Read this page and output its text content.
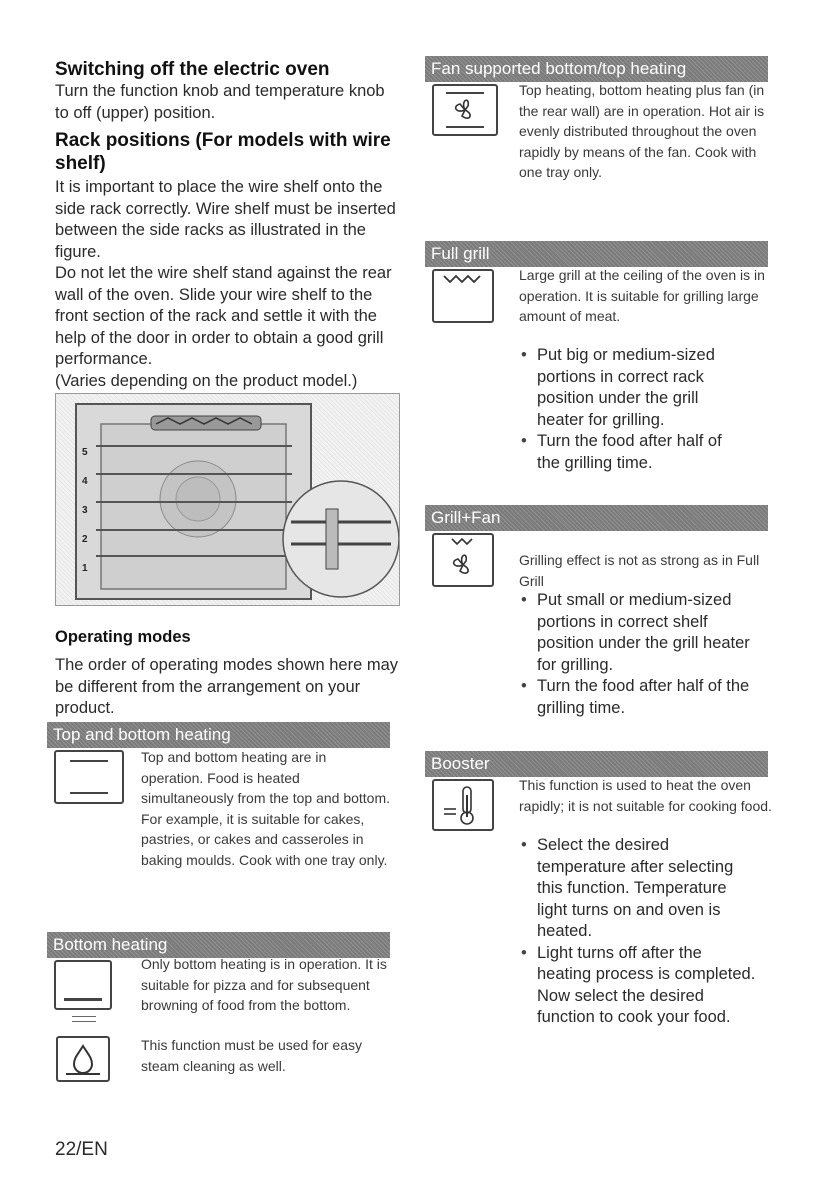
Switching off the electric oven
Turn the function knob and temperature knob to off (upper) position.
Rack positions (For models with wire shelf)
It is important to place the wire shelf onto the side rack correctly. Wire shelf must be inserted between the side racks as illustrated in the figure.
Do not let the wire shelf stand against the rear wall of the oven. Slide your wire shelf to the front section of the rack and settle it with the help of the door in order to obtain a good grill performance.
(Varies depending on the product model.)
5
4
3
2
1
Operating modes
The order of operating modes shown here may be different from the arrangement on your product.
Top and bottom heating
Top and bottom heating are in operation. Food is heated simultaneously from the top and bottom. For example, it is suitable for cakes, pastries, or cakes and casseroles in baking moulds. Cook with one tray only.
Bottom heating
Only bottom heating is in operation. It is suitable for pizza and for subsequent browning of food from the bottom.
This function must be used for easy steam cleaning as well.
Fan supported bottom/top heating
Top heating, bottom heating plus fan (in the rear wall) are in operation. Hot air is evenly distributed throughout the oven rapidly by means of the fan. Cook with one tray only.
Full grill
Large grill at the ceiling of the oven is in operation. It is suitable for grilling large amount of meat.
• Put big or medium-sized portions in correct rack position under the grill heater for grilling.
• Turn the food after half of the grilling time.
Grill+Fan
Grilling effect is not as strong as in Full Grill
• Put small or medium-sized portions in correct shelf position under the grill heater for grilling.
• Turn the food after half of the grilling time.
Booster
This function is used to heat the oven rapidly; it is not suitable for cooking food.
• Select the desired temperature after selecting this function. Temperature light turns on and oven is heated.
• Light turns off after the heating process is completed. Now select the desired function to cook your food.
22/EN
